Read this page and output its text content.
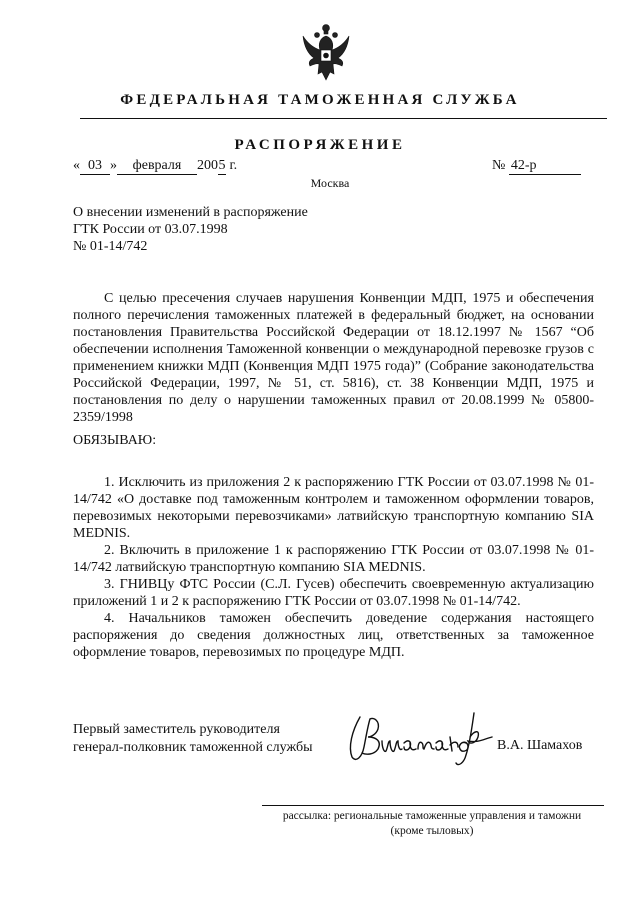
ФЕДЕРАЛЬНАЯ ТАМОЖЕННАЯ СЛУЖБА
РАСПОРЯЖЕНИЕ
« 03 » февраля 2005 г.	№ 42-р
Москва
О внесении изменений в распоряжение
ГТК России от 03.07.1998
№ 01-14/742

С целью пресечения случаев нарушения Конвенции МДП, 1975 и обеспечения полного перечисления таможенных платежей в федеральный бюджет, на основании постановления Правительства Российской Федерации от 18.12.1997 № 1567 “Об обеспечении исполнения Таможенной конвенции о международной перевозке грузов с применением книжки МДП (Конвенция МДП 1975 года)” (Собрание законодательства Российской Федерации, 1997, № 51, ст. 5816), ст. 38 Конвенции МДП, 1975 и постановления по делу о нарушении таможенных правил от 20.08.1999 № 05800-2359/1998

ОБЯЗЫВАЮ:

1. Исключить из приложения 2 к распоряжению ГТК России от 03.07.1998 № 01-14/742 «О доставке под таможенным контролем и таможенном оформлении товаров, перевозимых некоторыми перевозчиками» латвийскую транспортную компанию SIA MEDNIS.

2. Включить в приложение 1 к распоряжению ГТК России от 03.07.1998 № 01-14/742 латвийскую транспортную компанию SIA MEDNIS.

3. ГНИВЦу ФТС России (С.Л. Гусев) обеспечить своевременную актуализацию приложений 1 и 2 к распоряжению ГТК России от 03.07.1998 № 01-14/742.

4. Начальников таможен обеспечить доведение содержания настоящего распоряжения до сведения должностных лиц, ответственных за таможенное оформление товаров, перевозимых по процедуре МДП.

Первый заместитель руководителя
генерал-полковник таможенной службы	В.А. Шамахов
рассылка: региональные таможенные управления и таможни
(кроме тыловых)
